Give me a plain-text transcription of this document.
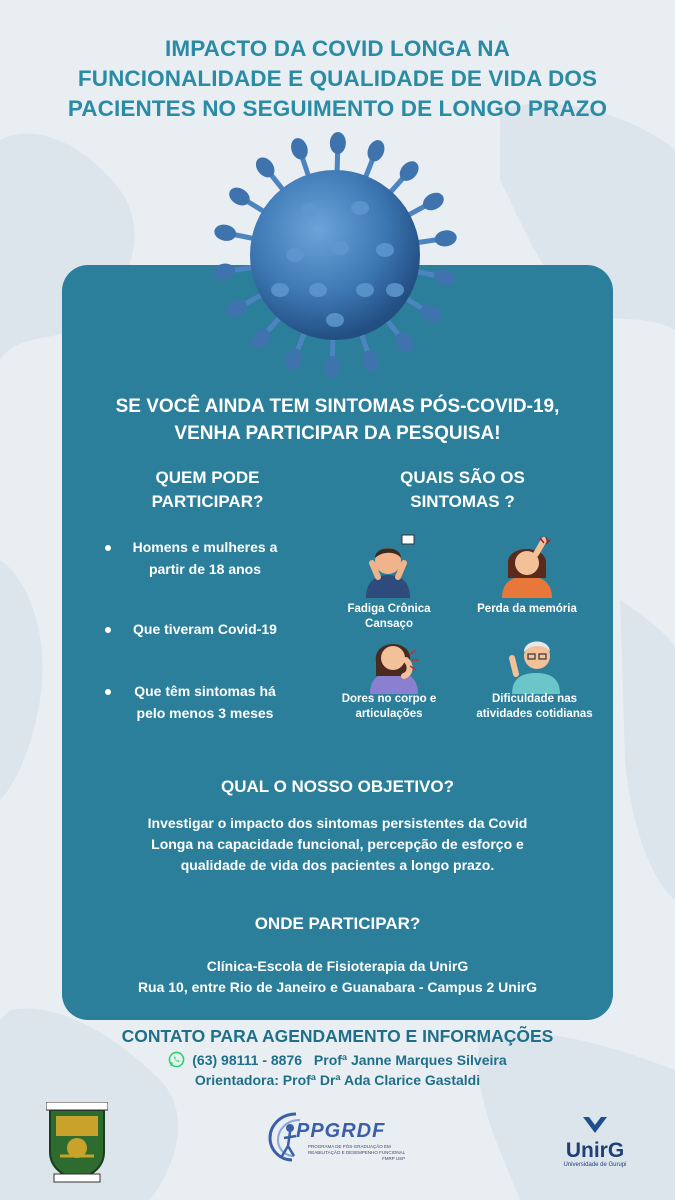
IMPACTO DA COVID LONGA NA
FUNCIONALIDADE E QUALIDADE DE VIDA DOS
PACIENTES NO SEGUIMENTO DE LONGO PRAZO
SE VOCÊ AINDA TEM SINTOMAS PÓS-COVID-19,
VENHA PARTICIPAR DA PESQUISA!
QUEM PODE
PARTICIPAR?
QUAIS SÃO OS
SINTOMAS ?
Homens e mulheres a
partir de 18 anos
Que tiveram Covid-19
Que têm sintomas há
pelo menos 3 meses
Fadiga Crônica
Cansaço
Perda da memória
Dores no corpo e
articulações
Dificuldade nas
atividades cotidianas
QUAL O NOSSO OBJETIVO?
Investigar o impacto dos sintomas persistentes da Covid
Longa na capacidade funcional, percepção de esforço e
qualidade de vida dos pacientes a longo prazo.
ONDE PARTICIPAR?
Clínica-Escola de Fisioterapia da UnirG
Rua 10, entre Rio de Janeiro e Guanabara - Campus 2 UnirG
CONTATO PARA AGENDAMENTO E INFORMAÇÕES
(63) 98111 - 8876 Profª Janne Marques Silveira
Orientadora: Profª Drª Ada Clarice Gastaldi
PPGRDF
PROGRAMA DE PÓS-GRADUAÇÃO EM
REABILITAÇÃO E DESEMPENHO FUNCIONAL
FMRP USP	UnirG
Universidade de Gurupi
